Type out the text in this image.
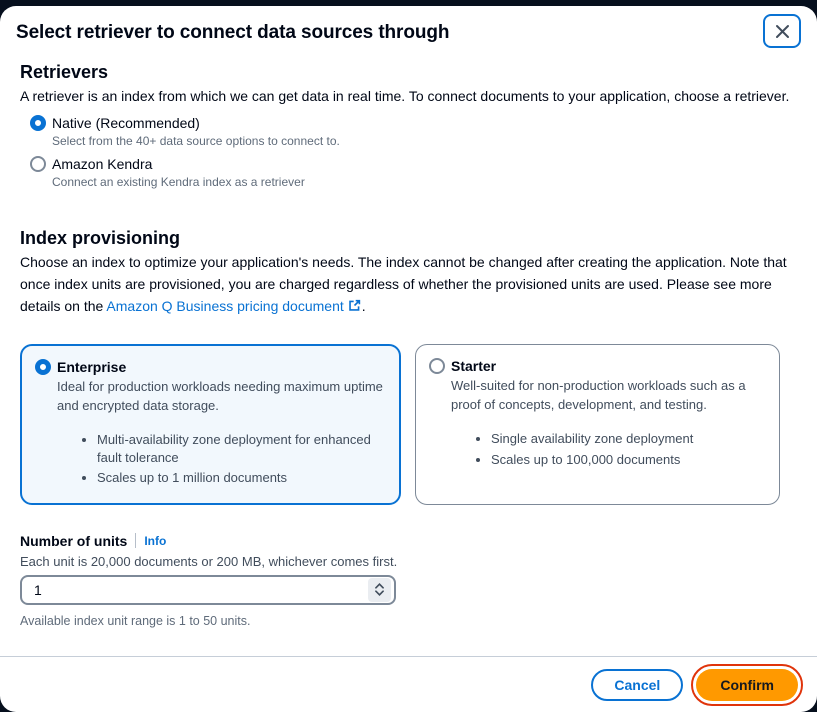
Select retriever to connect data sources through
Retrievers

A retriever is an index from which we can get data in real time. To connect documents to your application, choose a retriever.

Native (Recommended)
Select from the 40+ data source options to connect to.
Amazon Kendra
Connect an existing Kendra index as a retriever
Index provisioning

Choose an index to optimize your application's needs. The index cannot be changed after creating the application. Note that once index units are provisioned, you are charged regardless of whether the provisioned units are used. Please see more details on the Amazon Q Business pricing document .

Enterprise
Ideal for production workloads needing maximum uptime and encrypted data storage.
• Multi-availability zone deployment for enhanced fault tolerance
• Scales up to 1 million documents
Starter
Well-suited for non-production workloads such as a proof of concepts, development, and testing.
• Single availability zone deployment
• Scales up to 100,000 documents
Number of units Info
Each unit is 20,000 documents or 200 MB, whichever comes first.
1
Available index unit range is 1 to 50 units.
Cancel	Confirm
